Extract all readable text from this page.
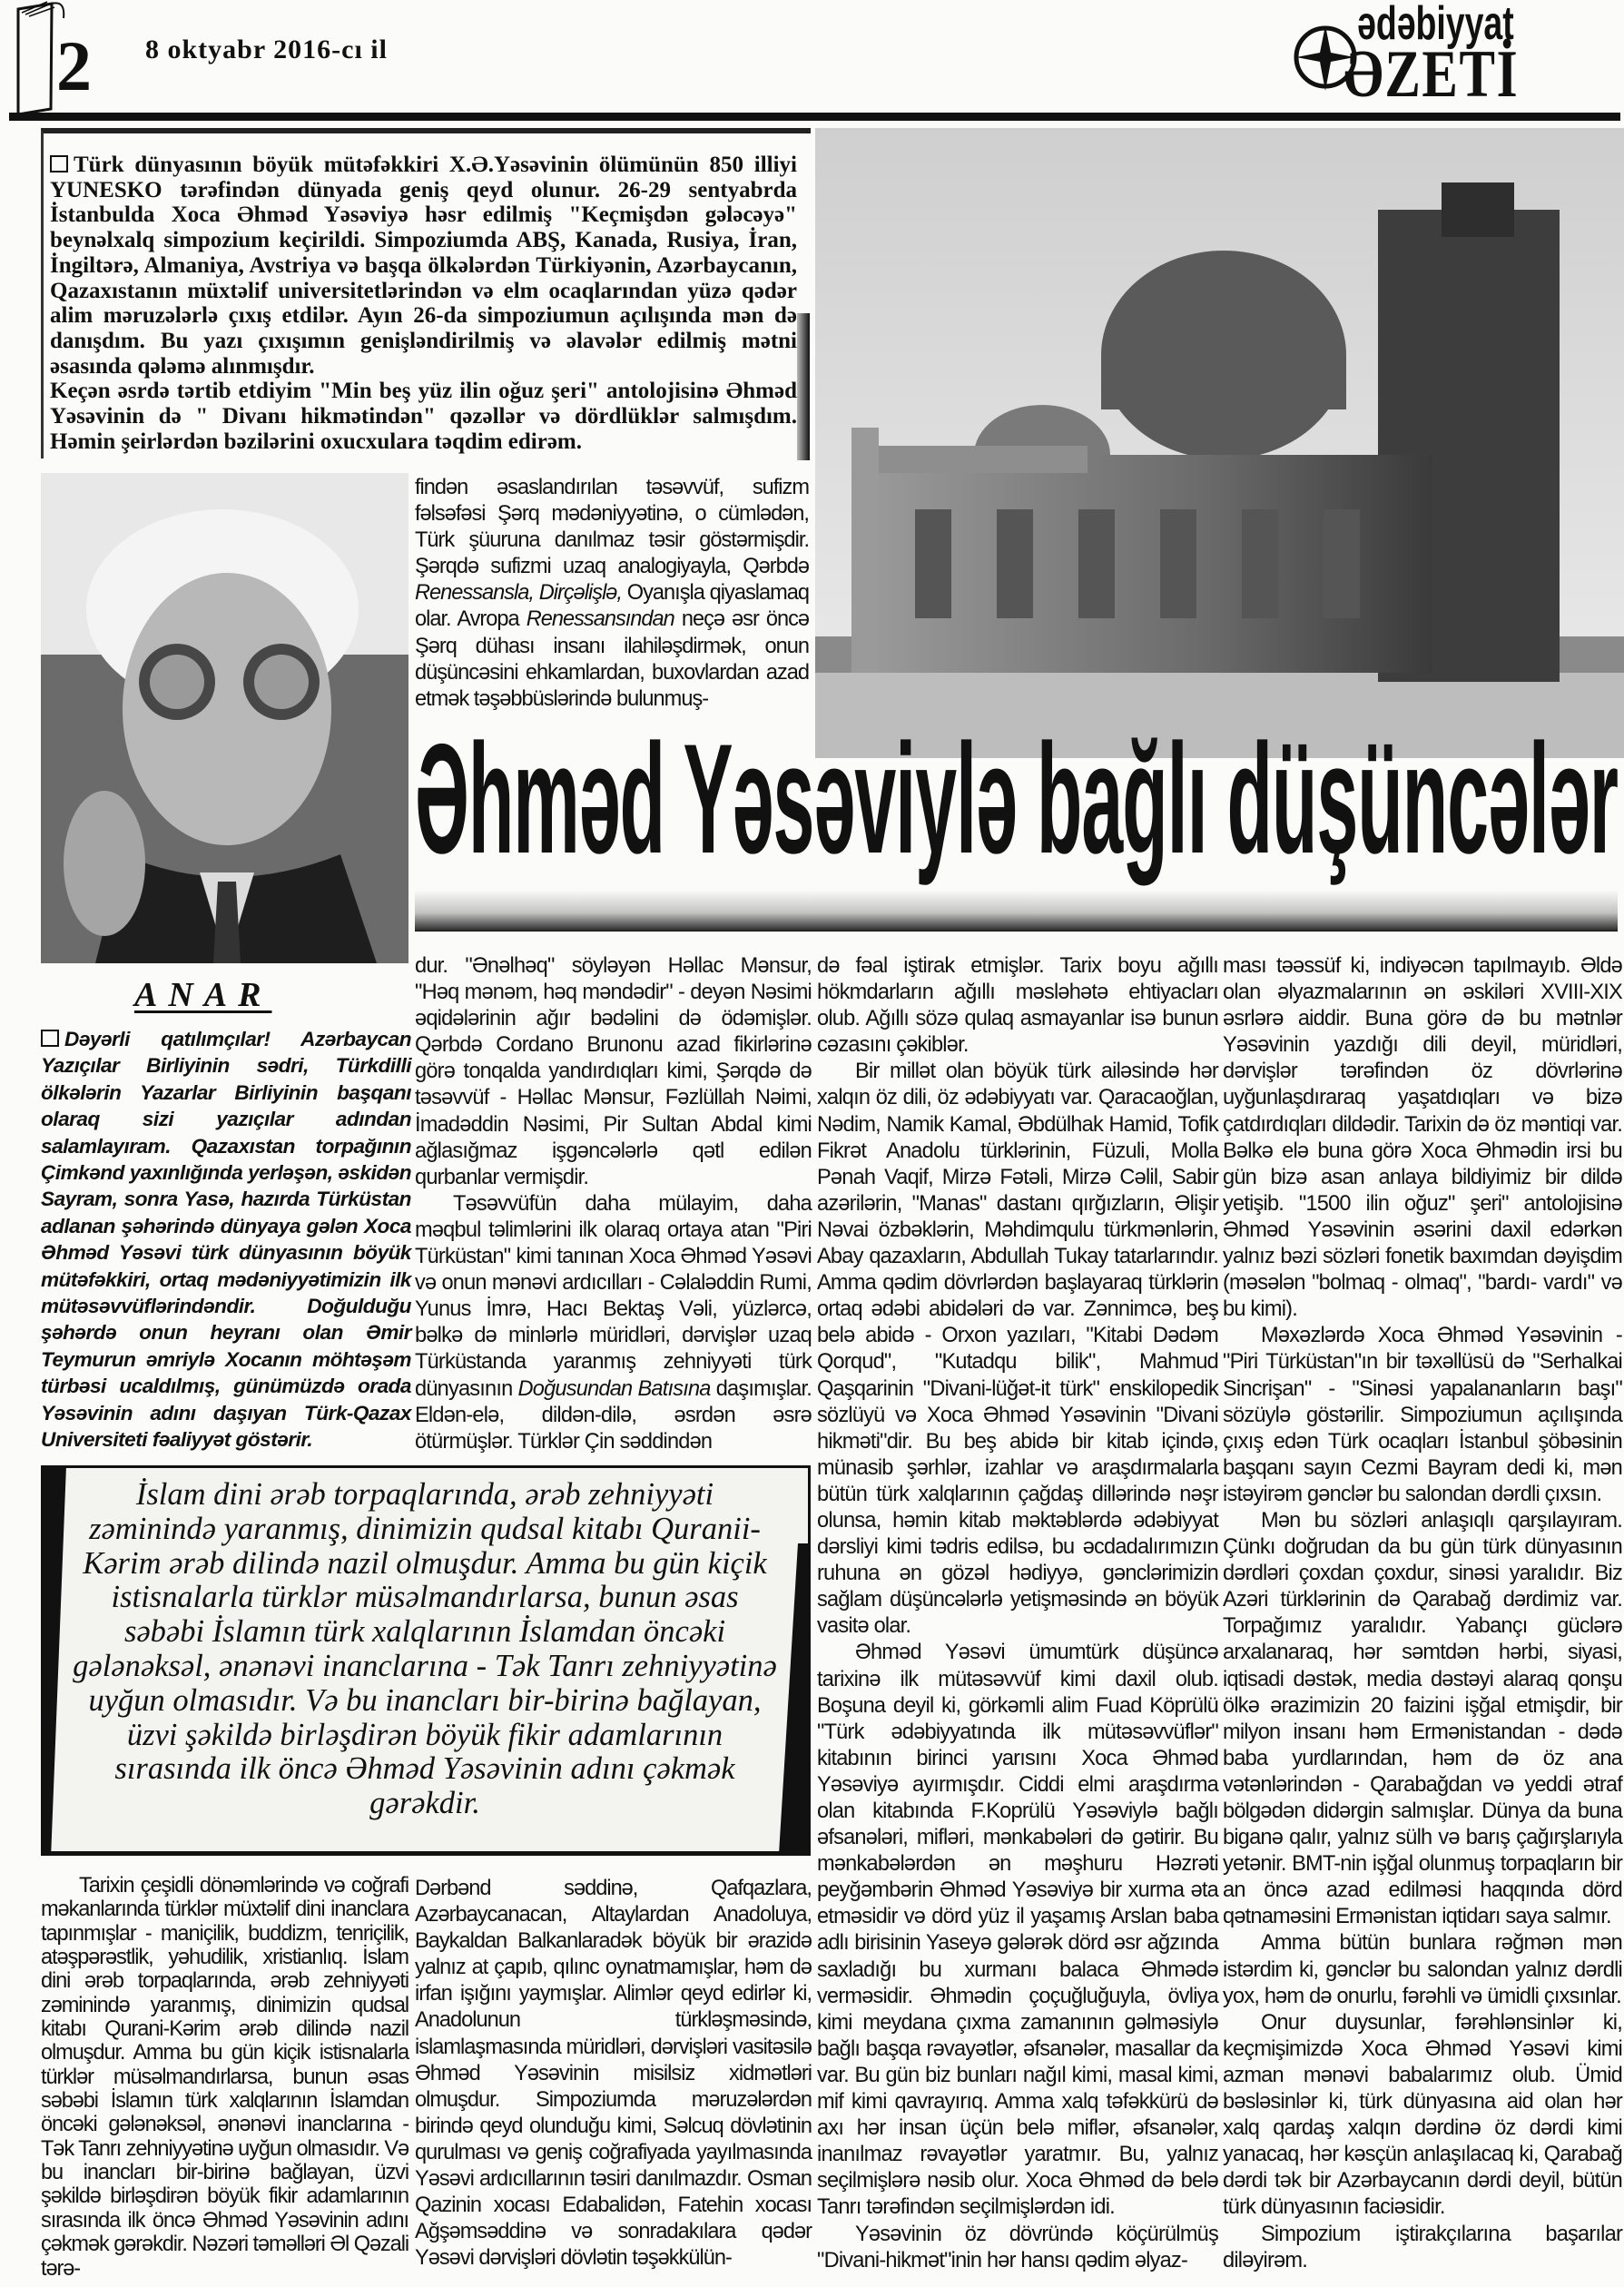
2 8 oktyabr 2016-cı il	ədəbiyyat
ƏZETİ

Türk dünyasının böyük mütəfəkkiri X.Ə.Yəsəvinin ölümünün 850 illiyi YUNESKO tərəfindən dünyada geniş qeyd olunur. 26-29 sentyabrda İstanbulda Xoca Əhməd Yəsəviyə həsr edilmiş "Keçmişdən gələcəyə" beynəlxalq simpozium keçirildi. Simpoziumda ABŞ, Kanada, Rusiya, İran, İngiltərə, Almaniya, Avstriya və başqa ölkələrdən Türkiyənin, Azərbaycanın, Qazaxıstanın müxtəlif universitetlərindən və elm ocaqlarından yüzə qədər alim məruzələrlə çıxış etdilər. Ayın 26-da simpoziumun açılışında mən də danışdım. Bu yazı çıxışımın genişləndirilmiş və əlavələr edilmiş mətni əsasında qələmə alınmışdır.

Keçən əsrdə tərtib etdiyim "Min beş yüz ilin oğuz şeri" antolojisinə Əhməd Yəsəvinin də " Divanı hikmətindən" qəzəllər və dördlüklər salmışdım. Həmin şeirlərdən bəzilərini oxucxulara təqdim edirəm.

findən əsaslandırılan təsəvvüf, sufizm fəlsəfəsi Şərq mədəniyyətinə, o cümlədən, Türk şüuruna danılmaz təsir göstərmişdir. Şərqdə sufizmi uzaq analogiyayla, Qərbdə Renessansla, Dirçəlişlə, Oyanışla qiyaslamaq olar. Avropa Renessansından neçə əsr öncə Şərq dühası insanı ilahiləşdirmək, onun düşüncəsini ehkamlardan, buxovlardan azad etmək təşəbbüslərində bulunmuş-

Əhməd Yəsəviylə bağlı düşüncələr
ANAR

Dəyərli qatılımçılar! Azərbaycan Yazıçılar Birliyinin sədri, Türkdilli ölkələrin Yazarlar Birliyinin başqanı olaraq sizi yazıçılar adından salamlayıram. Qazaxıstan torpağının Çimkənd yaxınlığında yerləşən, əskidən Sayram, sonra Yasə, hazırda Türküstan adlanan şəhərində dünyaya gələn Xoca Əhməd Yəsəvi türk dünyasının böyük mütəfəkkiri, ortaq mədəniyyətimizin ilk mütəsəvvüflərindəndir. Doğulduğu şəhərdə onun heyranı olan Əmir Teymurun əmriylə Xocanın möhtəşəm türbəsi ucaldılmış, günümüzdə orada Yəsəvinin adını daşıyan Türk-Qazax Universiteti fəaliyyət göstərir.

dur. "Ənəlhəq" söyləyən Həllac Mənsur, "Həq mənəm, həq məndədir" - deyən Nəsimi əqidələrinin ağır bədəlini də ödəmişlər. Qərbdə Cordano Brunonu azad fikirlərinə görə tonqalda yandırdıqları kimi, Şərqdə də təsəvvüf - Həllac Mənsur, Fəzlüllah Nəimi, İmadəddin Nəsimi, Pir Sultan Abdal kimi ağlasığmaz işgəncələrlə qətl edilən qurbanlar vermişdir.

Təsəvvüfün daha mülayim, daha məqbul təlimlərini ilk olaraq ortaya atan "Piri Türküstan" kimi tanınan Xoca Əhməd Yəsəvi və onun mənəvi ardıcılları - Cəlaləddin Rumi, Yunus İmrə, Hacı Bektaş Vəli, yüzlərcə, bəlkə də minlərlə müridləri, dərvişlər uzaq Türküstanda yaranmış zehniyyəti türk dünyasının Doğusundan Batısına daşımışlar. Eldən-elə, dildən-dilə, əsrdən əsrə ötürmüşlər. Türklər Çin səddindən

də fəal iştirak etmişlər. Tarix boyu ağıllı hökmdarların ağıllı məsləhətə ehtiyacları olub. Ağıllı sözə qulaq asmayanlar isə bunun cəzasını çəkiblər.

Bir millət olan böyük türk ailəsində hər xalqın öz dili, öz ədəbiyyatı var. Qaracaoğlan, Nədim, Namik Kamal, Əbdülhak Hamid, Tofik Fikrət Anadolu türklərinin, Füzuli, Molla Pənah Vaqif, Mirzə Fətəli, Mirzə Cəlil, Sabir azərilərin, "Manas" dastanı qırğızların, Əlişir Nəvai özbəklərin, Məhdimqulu türkmənlərin, Abay qazaxların, Abdullah Tukay tatarlarındır. Amma qədim dövrlərdən başlayaraq türklərin ortaq ədəbi abidələri də var. Zənnimcə, beş belə abidə - Orxon yazıları, "Kitabi Dədəm Qorqud", "Kutadqu bilik", Mahmud Qaşqarinin "Divani-lüğət-it türk" enskilopedik sözlüyü və Xoca Əhməd Yəsəvinin "Divani hikməti"dir. Bu beş abidə bir kitab içində, münasib şərhlər, izahlar və araşdırmalarla bütün türk xalqlarının çağdaş dillərində nəşr olunsa, həmin kitab məktəblərdə ədəbiyyat dərsliyi kimi tədris edilsə, bu əcdadalırımızın ruhuna ən gözəl hədiyyə, gənclərimizin sağlam düşüncələrlə yetişməsində ən böyük vasitə olar.

Əhməd Yəsəvi ümumtürk düşüncə tarixinə ilk mütəsəvvüf kimi daxil olub. Boşuna deyil ki, görkəmli alim Fuad Köprülü "Türk ədəbiyyatında ilk mütəsəvvüflər" kitabının birinci yarısını Xoca Əhməd Yəsəviyə ayırmışdır. Ciddi elmi araşdırma olan kitabında F.Koprülü Yəsəviylə bağlı əfsanələri, mifləri, mənkabələri də gətirir. Bu mənkabələrdən ən məşhuru Həzrəti peyğəmbərin Əhməd Yəsəviyə bir xurma əta etməsidir və dörd yüz il yaşamış Arslan baba adlı birisinin Yaseyə gələrək dörd əsr ağzında saxladığı bu xurmanı balaca Əhmədə verməsidir. Əhmədin çoçuğluğuyla, övliya kimi meydana çıxma zamanının gəlməsiylə bağlı başqa rəvayətlər, əfsanələr, masallar da var. Bu gün biz bunları nağıl kimi, masal kimi, mif kimi qavrayırıq. Amma xalq təfəkkürü də axı hər insan üçün belə miflər, əfsanələr, inanılmaz rəvayətlər yaratmır. Bu, yalnız seçilmişlərə nəsib olur. Xoca Əhməd də belə Tanrı tərəfindən seçilmişlərdən idi.

Yəsəvinin öz dövründə köçürülmüş "Divani-hikmət"inin hər hansı qədim əlyaz-

ması təəssüf ki, indiyəcən tapılmayıb. Əldə olan əlyazmalarının ən əskiləri XVIII-XIX əsrlərə aiddir. Buna görə də bu mətnlər Yəsəvinin yazdığı dili deyil, müridləri, dərvişlər tərəfindən öz dövrlərinə uyğunlaşdıraraq yaşatdıqları və bizə çatdırdıqları dildədir. Tarixin də öz məntiqi var. Bəlkə elə buna görə Xoca Əhmədin irsi bu gün bizə asan anlaya bildiyimiz bir dildə yetişib. "1500 ilin oğuz" şeri" antolojisinə Əhməd Yəsəvinin əsərini daxil edərkən yalnız bəzi sözləri fonetik baxımdan dəyişdim (məsələn "bolmaq - olmaq", "bardı- vardı" və bu kimi).

Məxəzlərdə Xoca Əhməd Yəsəvinin - "Piri Türküstan"ın bir təxəllüsü də "Serhalkai Sincrişan" - "Sinəsi yapalananların başı" sözüylə göstərilir. Simpoziumun açılışında çıxış edən Türk ocaqları İstanbul şöbəsinin başqanı sayın Cezmi Bayram dedi ki, mən istəyirəm gənclər bu salondan dərdli çıxsın.

Mən bu sözləri anlaşıqlı qarşılayıram. Çünkı doğrudan da bu gün türk dünyasının dərdləri çoxdan çoxdur, sinəsi yaralıdır. Biz Azəri türklərinin də Qarabağ dərdimiz var. Torpağımız yaralıdır. Yabançı güclərə arxalanaraq, hər səmtdən hərbi, siyasi, iqtisadi dəstək, media dəstəyi alaraq qonşu ölkə ərazimizin 20 faizini işğal etmişdir, bir milyon insanı həm Ermənistandan - dədə baba yurdlarından, həm də öz ana vətənlərindən - Qarabağdan və yeddi ətraf bölgədən didərgin salmışlar. Dünya da buna biganə qalır, yalnız sülh və barış çağırşlarıyla yetənir. BMT-nin işğal olunmuş torpaqların bir an öncə azad edilməsi haqqında dörd qətnaməsini Ermənistan iqtidarı saya salmır.

Amma bütün bunlara rəğmən mən istərdim ki, gənclər bu salondan yalnız dərdli yox, həm də onurlu, fərəhli və ümidli çıxsınlar.

Onur duysunlar, fərəhlənsinlər ki, keçmişimizdə Xoca Əhməd Yəsəvi kimi azman mənəvi babalarımız olub. Ümid bəsləsinlər ki, türk dünyasına aid olan hər xalq qardaş xalqın dərdinə öz dərdi kimi yanacaq, hər kəsçün anlaşılacaq ki, Qarabağ dərdi tək bir Azərbaycanın dərdi deyil, bütün türk dünyasının faciəsidir.

Simpozium iştirakçılarına başarılar diləyirəm.

İslam dini ərəb torpaqlarında, ərəb zehniyyəti zəminində yaranmış, dinimizin qudsal kitabı Quranii-Kərim ərəb dilində nazil olmuşdur. Amma bu gün kiçik istisnalarla türklər müsəlmandırlarsa, bunun əsas səbəbi İslamın türk xalqlarının İslamdan öncəki gələnəksəl, ənənəvi inanclarına - Tək Tanrı zehniyyətinə uyğun olmasıdır. Və bu inancları bir-birinə bağlayan, üzvi şəkildə birləşdirən böyük fikir adamlarının sırasında ilk öncə Əhməd Yəsəvinin adını çəkmək gərəkdir.

Tarixin çeşidli dönəmlərində və coğrafi məkanlarında türklər müxtəlif dini inanclara tapınmışlar - maniçilik, buddizm, tenriçilik, atəşpərəstlik, yəhudilik, xristianlıq. İslam dini ərəb torpaqlarında, ərəb zehniyyəti zəminində yaranmış, dinimizin qudsal kitabı Qurani-Kərim ərəb dilində nazil olmuşdur. Amma bu gün kiçik istisnalarla türklər müsəlmandırlarsa, bunun əsas səbəbi İslamın türk xalqlarının İslamdan öncəki gələnəksəl, ənənəvi inanclarına - Tək Tanrı zehniyyətinə uyğun olmasıdır. Və bu inancları bir-birinə bağlayan, üzvi şəkildə birləşdirən böyük fikir adamlarının sırasında ilk öncə Əhməd Yəsəvinin adını çəkmək gərəkdir. Nəzəri təməlləri Əl Qəzali tərə-

Dərbənd səddinə, Qafqazlara, Azərbaycanacan, Altaylardan Anadoluya, Baykaldan Balkanlaradək böyük bir ərazidə yalnız at çapıb, qılınc oynatmamışlar, həm də irfan işığını yaymışlar. Alimlər qeyd edirlər ki, Anadolunun türkləşməsində, islamlaşmasında müridləri, dərvişləri vasitəsilə Əhməd Yəsəvinin misilsiz xidmətləri olmuşdur. Simpoziumda məruzələrdən birində qeyd olunduğu kimi, Səlcuq dövlətinin qurulması və geniş coğrafiyada yayılmasında Yəsəvi ardıcıllarının təsiri danılmazdır. Osman Qazinin xocası Edabalidən, Fatehin xocası Ağşəmsəddinə və sonradakılara qədər Yəsəvi dərvişləri dövlətin təşəkkülün-
